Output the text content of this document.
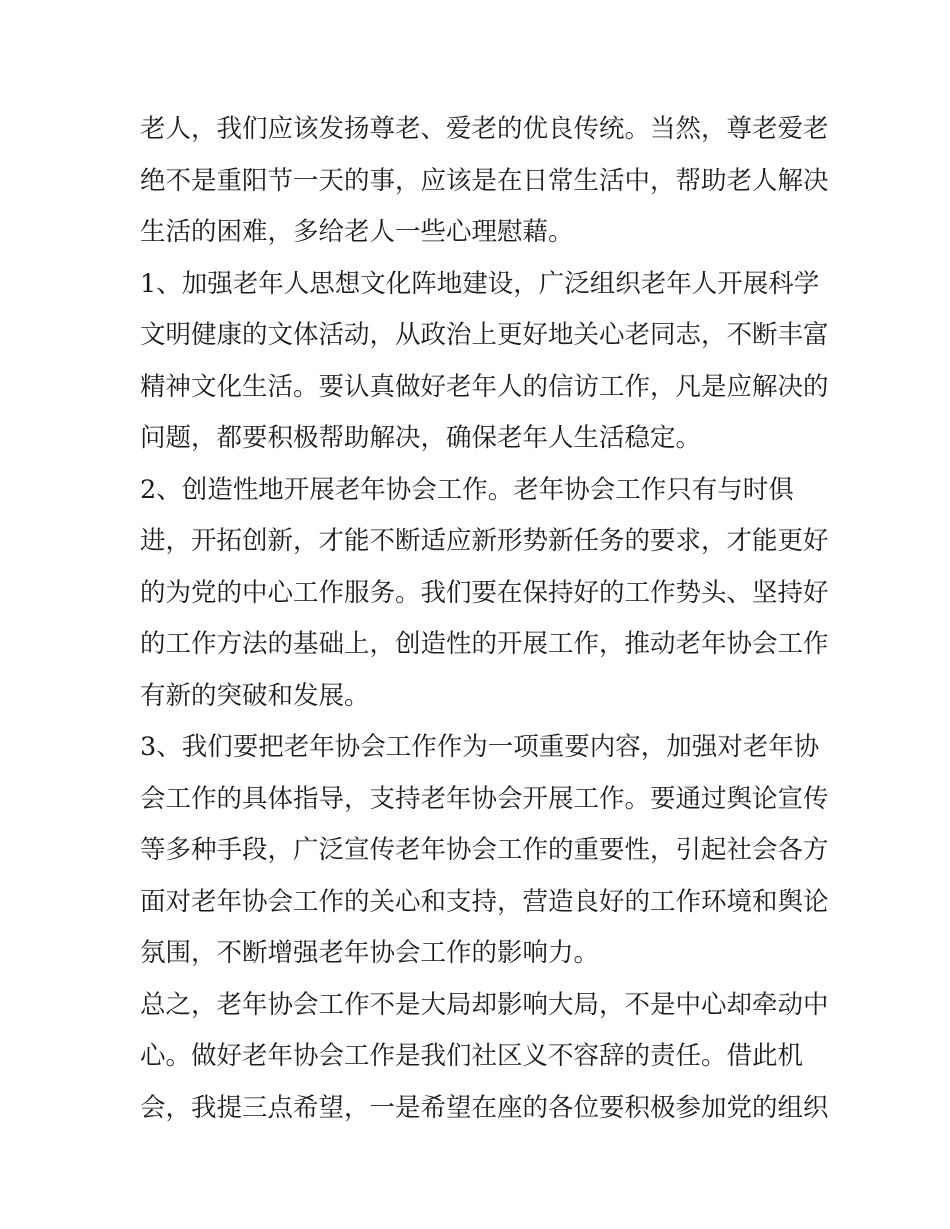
老人，我们应该发扬尊老、爱老的优良传统。当然，尊老爱老
绝不是重阳节一天的事，应该是在日常生活中，帮助老人解决
生活的困难，多给老人一些心理慰藉。
1、加强老年人思想文化阵地建设，广泛组织老年人开展科学
文明健康的文体活动，从政治上更好地关心老同志，不断丰富
精神文化生活。要认真做好老年人的信访工作，凡是应解决的
问题，都要积极帮助解决，确保老年人生活稳定。
2、创造性地开展老年协会工作。老年协会工作只有与时俱
进，开拓创新，才能不断适应新形势新任务的要求，才能更好
的为党的中心工作服务。我们要在保持好的工作势头、坚持好
的工作方法的基础上，创造性的开展工作，推动老年协会工作
有新的突破和发展。
3、我们要把老年协会工作作为一项重要内容，加强对老年协
会工作的具体指导，支持老年协会开展工作。要通过舆论宣传
等多种手段，广泛宣传老年协会工作的重要性，引起社会各方
面对老年协会工作的关心和支持，营造良好的工作环境和舆论
氛围，不断增强老年协会工作的影响力。
总之，老年协会工作不是大局却影响大局，不是中心却牵动中
心。做好老年协会工作是我们社区义不容辞的责任。借此机
会，我提三点希望，一是希望在座的各位要积极参加党的组织
